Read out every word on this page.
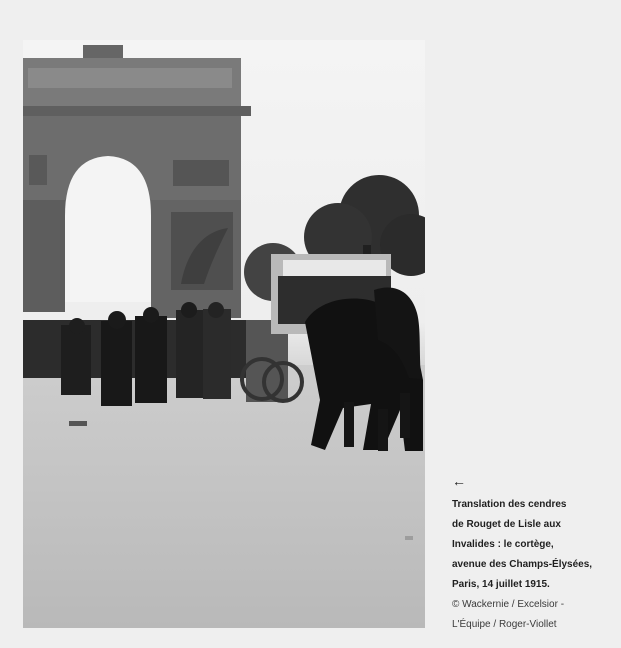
←
Translation des cendres
de Rouget de Lisle aux
Invalides : le cortège,
avenue des Champs-Élysées,
Paris, 14 juillet 1915.
© Wackernie / Excelsior -
L'Équipe / Roger-Viollet
